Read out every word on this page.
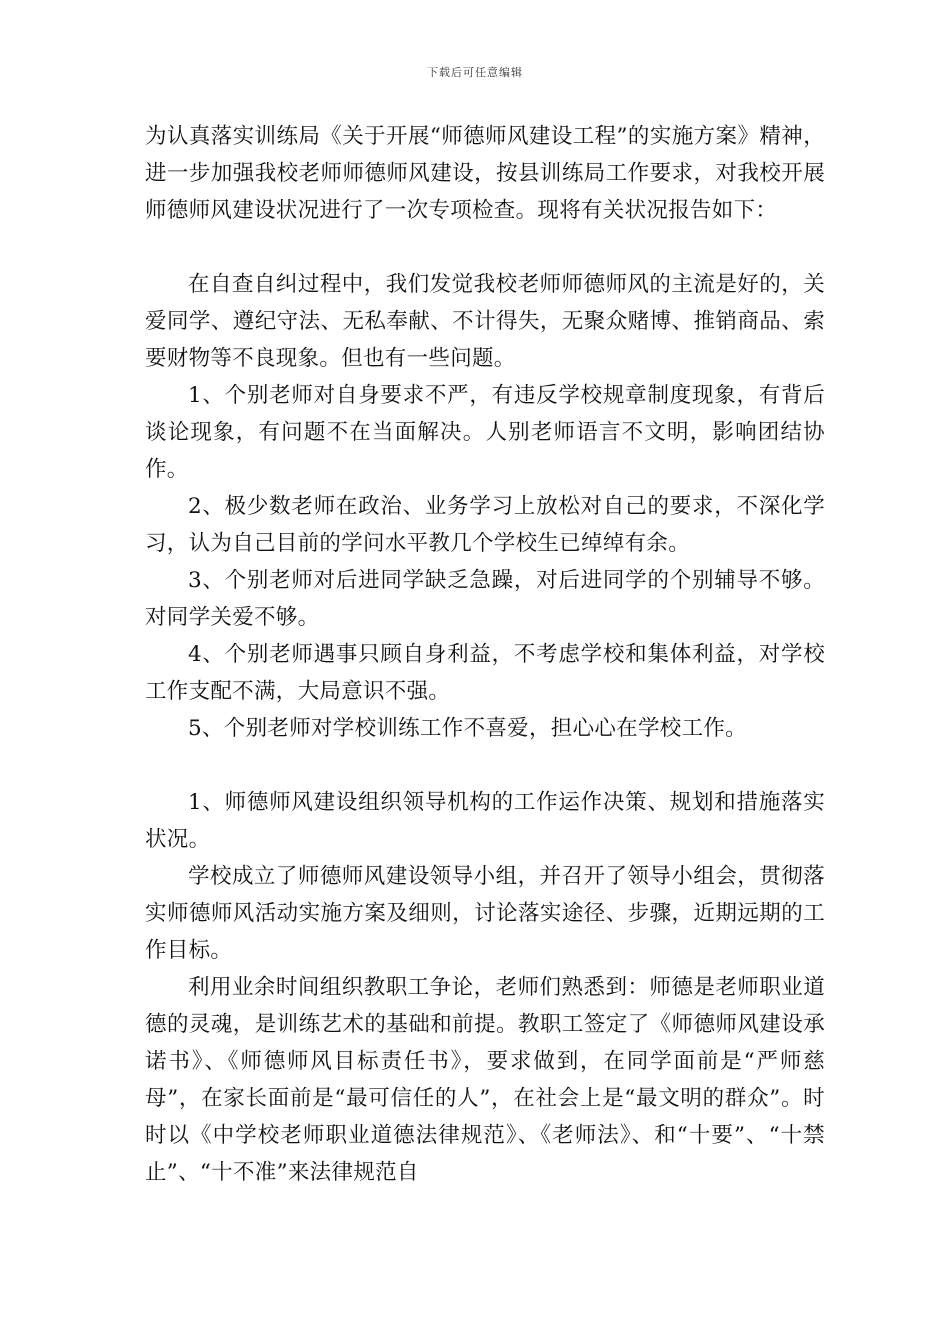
下载后可任意编辑

为认真落实训练局《关于开展“师德师风建设工程”的实施方案》精神，进一步加强我校老师师德师风建设，按县训练局工作要求，对我校开展师德师风建设状况进行了一次专项检查。现将有关状况报告如下：

在自查自纠过程中，我们发觉我校老师师德师风的主流是好的，关爱同学、遵纪守法、无私奉献、不计得失，无聚众赌博、推销商品、索要财物等不良现象。但也有一些问题。

1、个别老师对自身要求不严，有违反学校规章制度现象，有背后谈论现象，有问题不在当面解决。人别老师语言不文明，影响团结协作。

2、极少数老师在政治、业务学习上放松对自己的要求，不深化学习，认为自己目前的学问水平教几个学校生已绰绰有余。

3、个别老师对后进同学缺乏急躁，对后进同学的个别辅导不够。对同学关爱不够。

4、个别老师遇事只顾自身利益，不考虑学校和集体利益，对学校工作支配不满，大局意识不强。

5、个别老师对学校训练工作不喜爱，担心心在学校工作。

1、师德师风建设组织领导机构的工作运作决策、规划和措施落实状况。

学校成立了师德师风建设领导小组，并召开了领导小组会，贯彻落实师德师风活动实施方案及细则，讨论落实途径、步骤，近期远期的工作目标。

利用业余时间组织教职工争论，老师们熟悉到：师德是老师职业道德的灵魂，是训练艺术的基础和前提。教职工签定了《师德师风建设承诺书》、《师德师风目标责任书》，要求做到，在同学面前是“严师慈母”，在家长面前是“最可信任的人”，在社会上是“最文明的群众”。时时以《中学校老师职业道德法律规范》、《老师法》、和“十要”、“十禁止”、“十不准”来法律规范自
